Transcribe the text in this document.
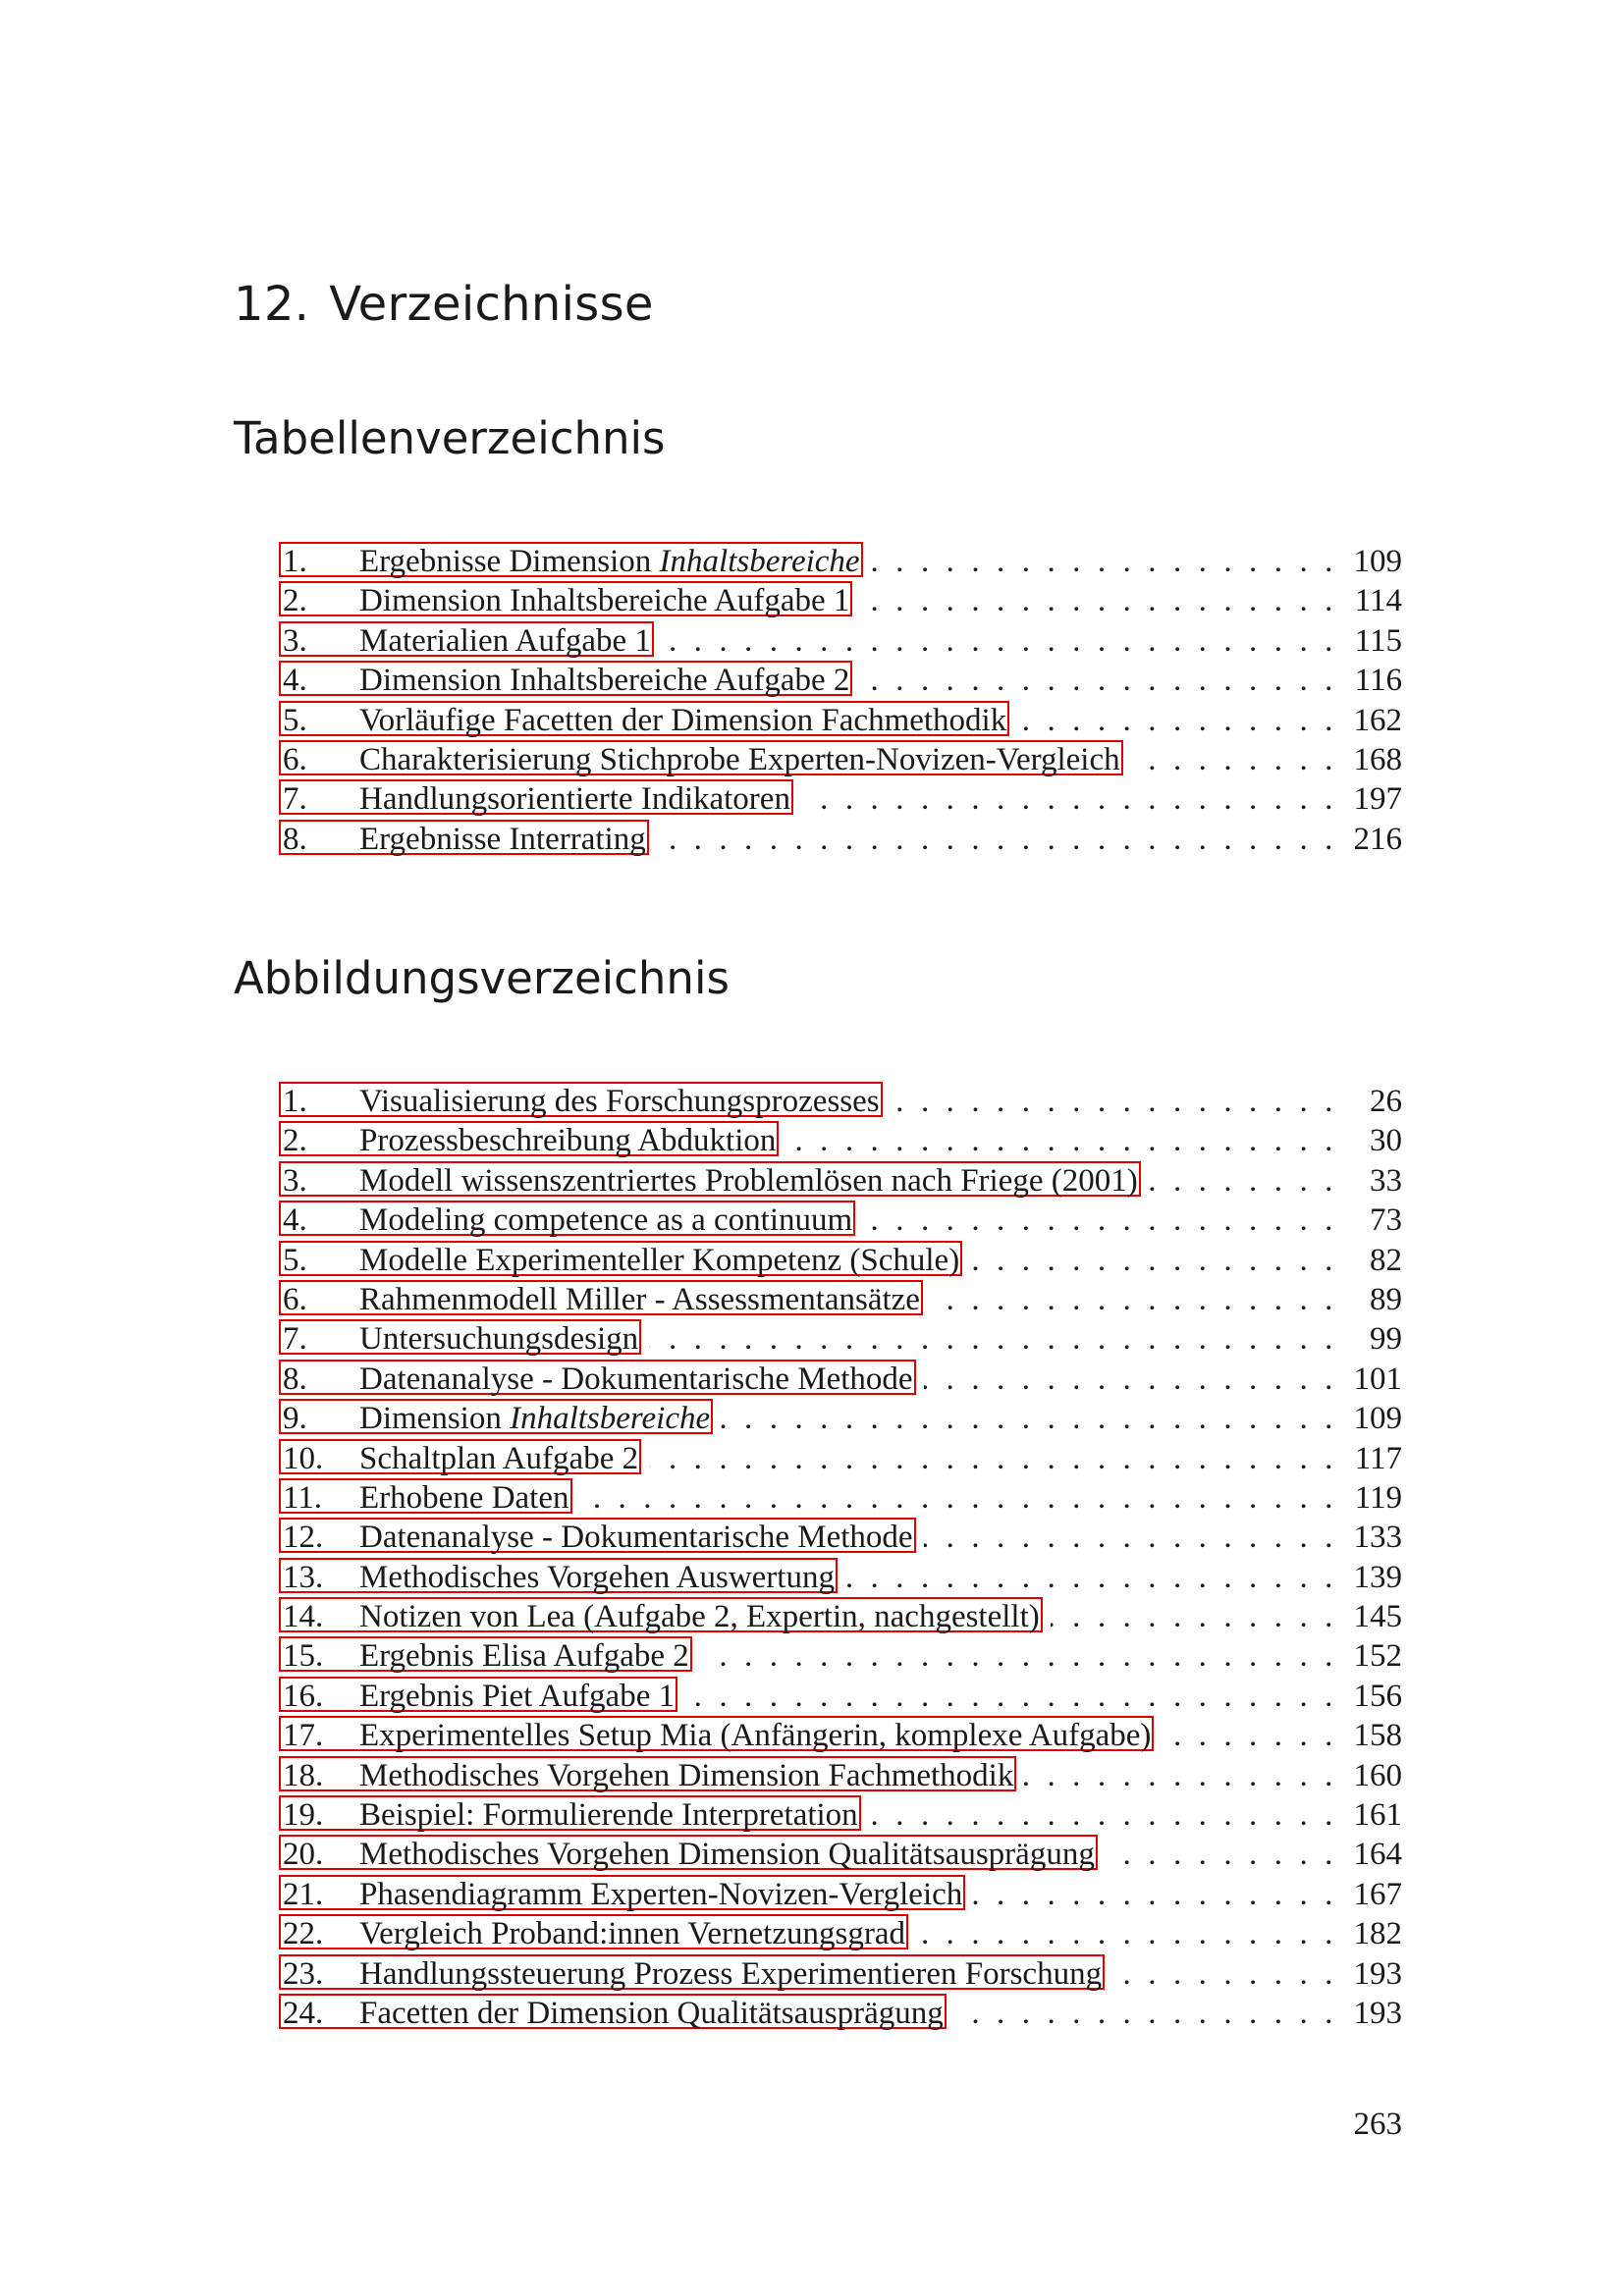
12. Verzeichnisse
Tabellenverzeichnis
1.	Ergebnisse Dimension Inhaltsbereiche . . .	109
2.	Dimension Inhaltsbereiche Aufgabe 1 . . .	114
3.	Materialien Aufgabe 1 . . .	115
4.	Dimension Inhaltsbereiche Aufgabe 2 . . .	116
5.	Vorläufige Facetten der Dimension Fachmethodik . . .	162
6.	Charakterisierung Stichprobe Experten-Novizen-Vergleich . . .	168
7.	Handlungsorientierte Indikatoren . . .	197
8.	Ergebnisse Interrating . . .	216
Abbildungsverzeichnis
1.	Visualisierung des Forschungsprozesses . . .	26
2.	Prozessbeschreibung Abduktion . . .	30
3.	Modell wissenszentriertes Problemlösen nach Friege (2001) . . .	33
4.	Modeling competence as a continuum . . .	73
5.	Modelle Experimenteller Kompetenz (Schule) . . .	82
6.	Rahmenmodell Miller - Assessmentansätze . . .	89
7.	Untersuchungsdesign . . .	99
8.	Datenanalyse - Dokumentarische Methode . . .	101
9.	Dimension Inhaltsbereiche . . .	109
10.	Schaltplan Aufgabe 2 . . .	117
11.	Erhobene Daten . . .	119
12.	Datenanalyse - Dokumentarische Methode . . .	133
13.	Methodisches Vorgehen Auswertung . . .	139
14.	Notizen von Lea (Aufgabe 2, Expertin, nachgestellt) . . .	145
15.	Ergebnis Elisa Aufgabe 2 . . .	152
16.	Ergebnis Piet Aufgabe 1 . . .	156
17.	Experimentelles Setup Mia (Anfängerin, komplexe Aufgabe) . . .	158
18.	Methodisches Vorgehen Dimension Fachmethodik . . .	160
19.	Beispiel: Formulierende Interpretation . . .	161
20.	Methodisches Vorgehen Dimension Qualitätsausprägung . . .	164
21.	Phasendiagramm Experten-Novizen-Vergleich . . .	167
22.	Vergleich Proband:innen Vernetzungsgrad . . .	182
23.	Handlungssteuerung Prozess Experimentieren Forschung . . .	193
24.	Facetten der Dimension Qualitätsausprägung . . .	193
263
